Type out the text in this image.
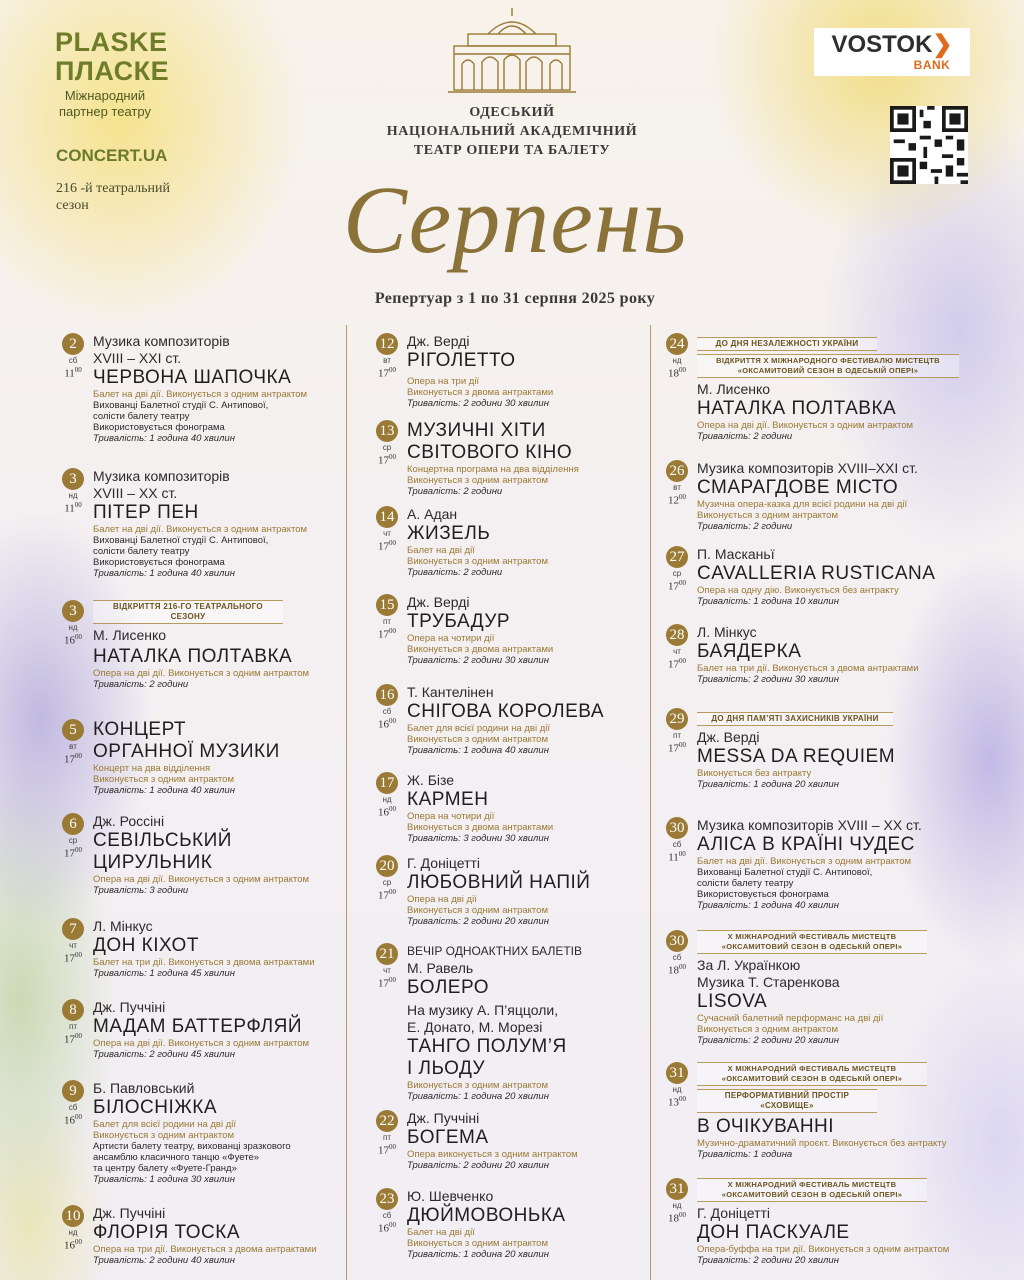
PLASKE
ПЛАСКЕ
Міжнародний партнер театру
CONCERT.UA
216 -й театральний сезон
ОДЕСЬКИЙ
НАЦІОНАЛЬНИЙ АКАДЕМІЧНИЙ
ТЕАТР ОПЕРИ ТА БАЛЕТУ
Серпень
Репертуар з 1 по 31 серпня 2025 року
VOSTOK❯
BANK
2
сб
$11^{00}$
Музика композиторів
XVIII – XXI ст.
ЧЕРВОНА ШАПОЧКА
Балет на дві дії. Виконується з одним антрактом
Вихованці Балетної студії С. Антипової,
солісти балету театру
Використовується фонограма
Тривалість: 1 година 40 хвилин
3
нд
$11^{00}$
Музика композиторів
XVIII – XX ст.
ПІТЕР ПЕН
Балет на дві дії. Виконується з одним антрактом
Вихованці Балетної студії С. Антипової,
солісти балету театру
Використовується фонограма
Тривалість: 1 година 40 хвилин
3
нд
$16^{00}$
ВІДКРИТТЯ 216-ГО ТЕАТРАЛЬНОГО СЕЗОНУ
М. Лисенко
НАТАЛКА ПОЛТАВКА
Опера на дві дії. Виконується з одним антрактом
Тривалість: 2 години
5
вт
$17^{00}$
КОНЦЕРТ
ОРГАННОЇ МУЗИКИ
Концерт на два відділення
Виконується з одним антрактом
Тривалість: 1 година 40 хвилин
6
ср
$17^{00}$
Дж. Россіні
СЕВІЛЬСЬКИЙ
ЦИРУЛЬНИК
Опера на дві дії. Виконується з одним антрактом
Тривалість: 3 години
7
чт
$17^{00}$
Л. Мінкус
ДОН КІХОТ
Балет на три дії. Виконується з двома антрактами
Тривалість: 1 година 45 хвилин
8
пт
$17^{00}$
Дж. Пуччіні
МАДАМ БАТТЕРФЛЯЙ
Опера на дві дії. Виконується з одним антрактом
Тривалість: 2 години 45 хвилин
9
сб
$16^{00}$
Б. Павловський
БІЛОСНІЖКА
Балет для всієї родини на дві дії
Виконується з одним антрактом
Артисти балету театру, вихованці зразкового
ансамблю класичного танцю «Фуете»
та центру балету «Фуете-Гранд»
Тривалість: 1 година 30 хвилин
10
нд
$16^{00}$
Дж. Пуччіні
ФЛОРІЯ ТОСКА
Опера на три дії. Виконується з двома антрактами
Тривалість: 2 години 40 хвилин
12
вт
$17^{00}$
Дж. Верді
РІГОЛЕТТО
Опера на три дії
Виконується з двома антрактами
Тривалість: 2 години 30 хвилин
13
ср
$17^{00}$
МУЗИЧНІ ХІТИ
СВІТОВОГО КІНО
Концертна програма на два відділення
Виконується з одним антрактом
Тривалість: 2 години
14
чт
$17^{00}$
А. Адан
ЖИЗЕЛЬ
Балет на дві дії
Виконується з одним антрактом
Тривалість: 2 години
15
пт
$17^{00}$
Дж. Верді
ТРУБАДУР
Опера на чотири дії
Виконується з двома антрактами
Тривалість: 2 години 30 хвилин
16
сб
$16^{00}$
Т. Кантелінен
СНІГОВА КОРОЛЕВА
Балет для всієї родини на дві дії
Виконується з одним антрактом
Тривалість: 1 година 40 хвилин
17
нд
$16^{00}$
Ж. Бізе
КАРМЕН
Опера на чотири дії
Виконується з двома антрактами
Тривалість: 3 години 30 хвилин
20
ср
$17^{00}$
Г. Доніцетті
ЛЮБОВНИЙ НАПІЙ
Опера на дві дії
Виконується з одним антрактом
Тривалість: 2 години 20 хвилин
21
чт
$17^{00}$
ВЕЧІР ОДНОАКТНИХ БАЛЕТІВ
М. Равель
БОЛЕРО
На музику А. П’яццоли,
Е. Донато, М. Морезі
ТАНГО ПОЛУМ’Я
І ЛЬОДУ
Виконується з одним антрактом
Тривалість: 1 година 20 хвилин
22
пт
$17^{00}$
Дж. Пуччіні
БОГЕМА
Опера виконується з одним антрактом
Тривалість: 2 години 20 хвилин
23
сб
$16^{00}$
Ю. Шевченко
ДЮЙМОВОНЬКА
Балет на дві дії
Виконується з одним антрактом
Тривалість: 1 година 20 хвилин
24
нд
$18^{00}$
ДО ДНЯ НЕЗАЛЕЖНОСТІ УКРАЇНИ ВІДКРИТТЯ Х МІЖНАРОДНОГО ФЕСТИВАЛЮ МИСТЕЦТВ «ОКСАМИТОВИЙ СЕЗОН В ОДЕСЬКІЙ ОПЕРІ»
М. Лисенко
НАТАЛКА ПОЛТАВКА
Опера на дві дії. Виконується з одним антрактом
Тривалість: 2 години
26
вт
$12^{00}$
Музика композиторів XVIII–XXI ст.
СМАРАГДОВЕ МІСТО
Музична опера-казка для всієї родини на дві дії
Виконується з одним антрактом
Тривалість: 2 години
27
ср
$17^{00}$
П. Масканьї
CAVALLERIA RUSTICANA
Опера на одну дію. Виконується без антракту
Тривалість: 1 година 10 хвилин
28
чт
$17^{00}$
Л. Мінкус
БАЯДЕРКА
Балет на три дії. Виконується з двома антрактами
Тривалість: 2 години 30 хвилин
29
пт
$17^{00}$
ДО ДНЯ ПАМ’ЯТІ ЗАХИСНИКІВ УКРАЇНИ
Дж. Верді
MESSA DA REQUIEM
Виконується без антракту
Тривалість: 1 година 20 хвилин
30
сб
$11^{00}$
Музика композиторів XVIII – XX ст.
АЛІСА В КРАЇНІ ЧУДЕС
Балет на дві дії. Виконується з одним антрактом
Вихованці Балетної студії С. Антипової,
солісти балету театру
Використовується фонограма
Тривалість: 1 година 40 хвилин
30
сб
$18^{00}$
Х МІЖНАРОДНИЙ ФЕСТИВАЛЬ МИСТЕЦТВ «ОКСАМИТОВИЙ СЕЗОН В ОДЕСЬКІЙ ОПЕРІ»
За Л. Українкою
Музика Т. Старенкова
LISOVA
Сучасний балетний перформанс на дві дії
Виконується з одним антрактом
Тривалість: 2 години 20 хвилин
31
нд
$13^{00}$
Х МІЖНАРОДНИЙ ФЕСТИВАЛЬ МИСТЕЦТВ «ОКСАМИТОВИЙ СЕЗОН В ОДЕСЬКІЙ ОПЕРІ» ПЕРФОРМАТИВНИЙ ПРОСТІР «СХОВИЩЕ»
В ОЧІКУВАННІ
Музично-драматичний проєкт. Виконується без антракту
Тривалість: 1 година
31
нд
$18^{00}$
Х МІЖНАРОДНИЙ ФЕСТИВАЛЬ МИСТЕЦТВ «ОКСАМИТОВИЙ СЕЗОН В ОДЕСЬКІЙ ОПЕРІ»
Г. Доніцетті
ДОН ПАСКУАЛЕ
Опера-буффа на три дії. Виконується з одним антрактом
Тривалість: 2 години 20 хвилин
